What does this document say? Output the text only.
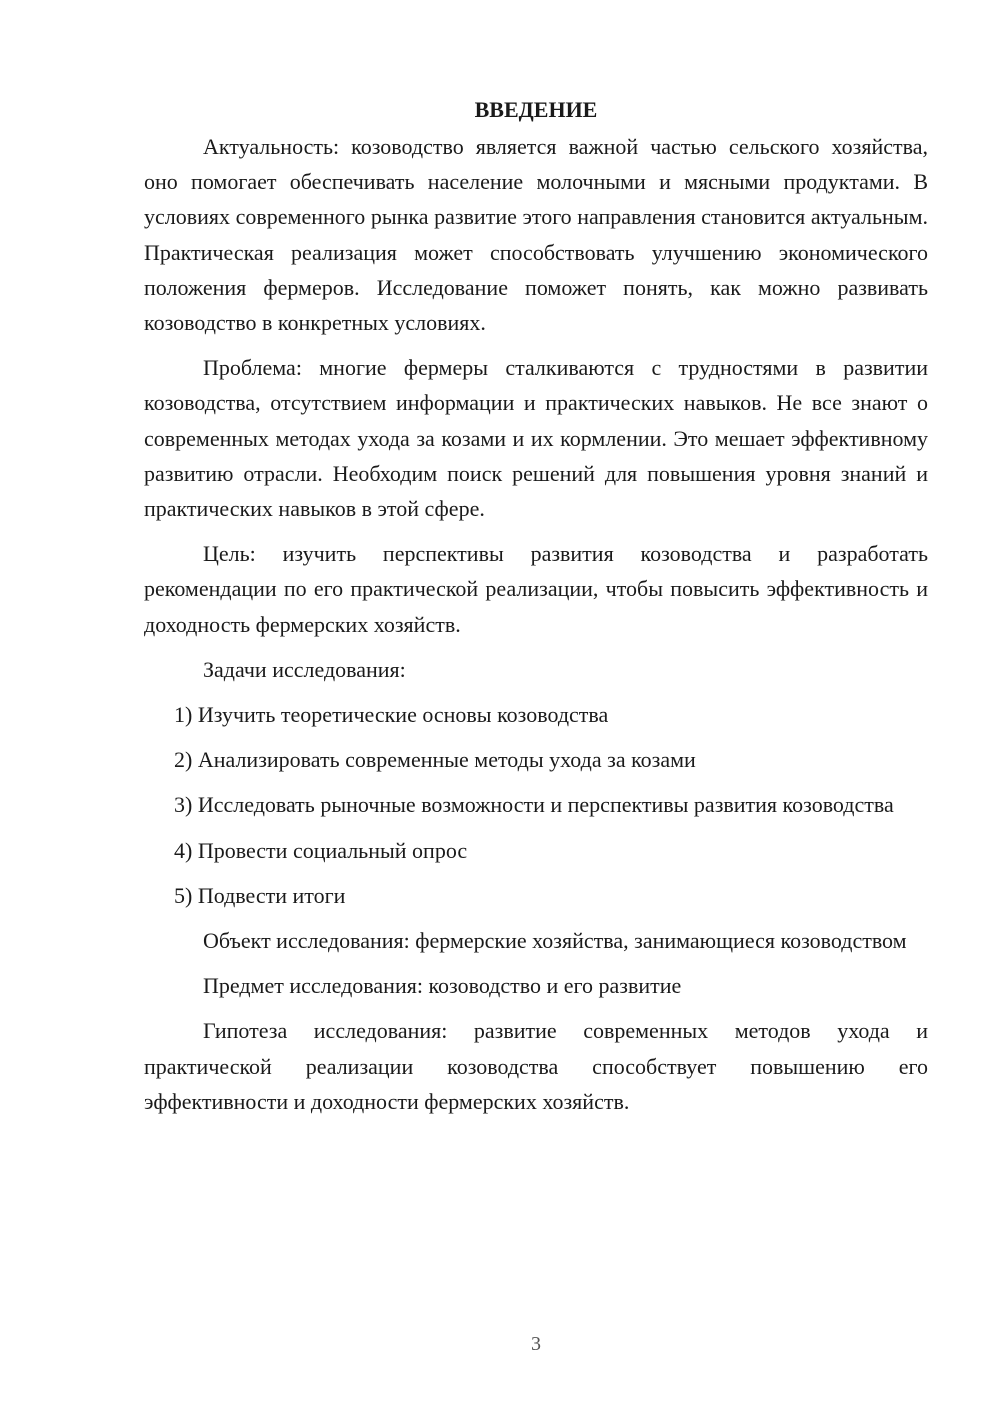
ВВЕДЕНИЕ

Актуальность: козоводство является важной частью сельского хозяйства, оно помогает обеспечивать население молочными и мясными продуктами. В условиях современного рынка развитие этого направления становится актуальным. Практическая реализация может способствовать улучшению экономического положения фермеров. Исследование поможет понять, как можно развивать козоводство в конкретных условиях.

Проблема: многие фермеры сталкиваются с трудностями в развитии козоводства, отсутствием информации и практических навыков. Не все знают о современных методах ухода за козами и их кормлении. Это мешает эффективному развитию отрасли. Необходим поиск решений для повышения уровня знаний и практических навыков в этой сфере.

Цель: изучить перспективы развития козоводства и разработать рекомендации по его практической реализации, чтобы повысить эффективность и доходность фермерских хозяйств.

Задачи исследования:

1) Изучить теоретические основы козоводства

2) Анализировать современные методы ухода за козами

3) Исследовать рыночные возможности и перспективы развития козоводства

4) Провести социальный опрос

5) Подвести итоги

Объект исследования: фермерские хозяйства, занимающиеся козоводством

Предмет исследования: козоводство и его развитие

Гипотеза исследования: развитие современных методов ухода и практической реализации козоводства способствует повышению его эффективности и доходности фермерских хозяйств.

3
